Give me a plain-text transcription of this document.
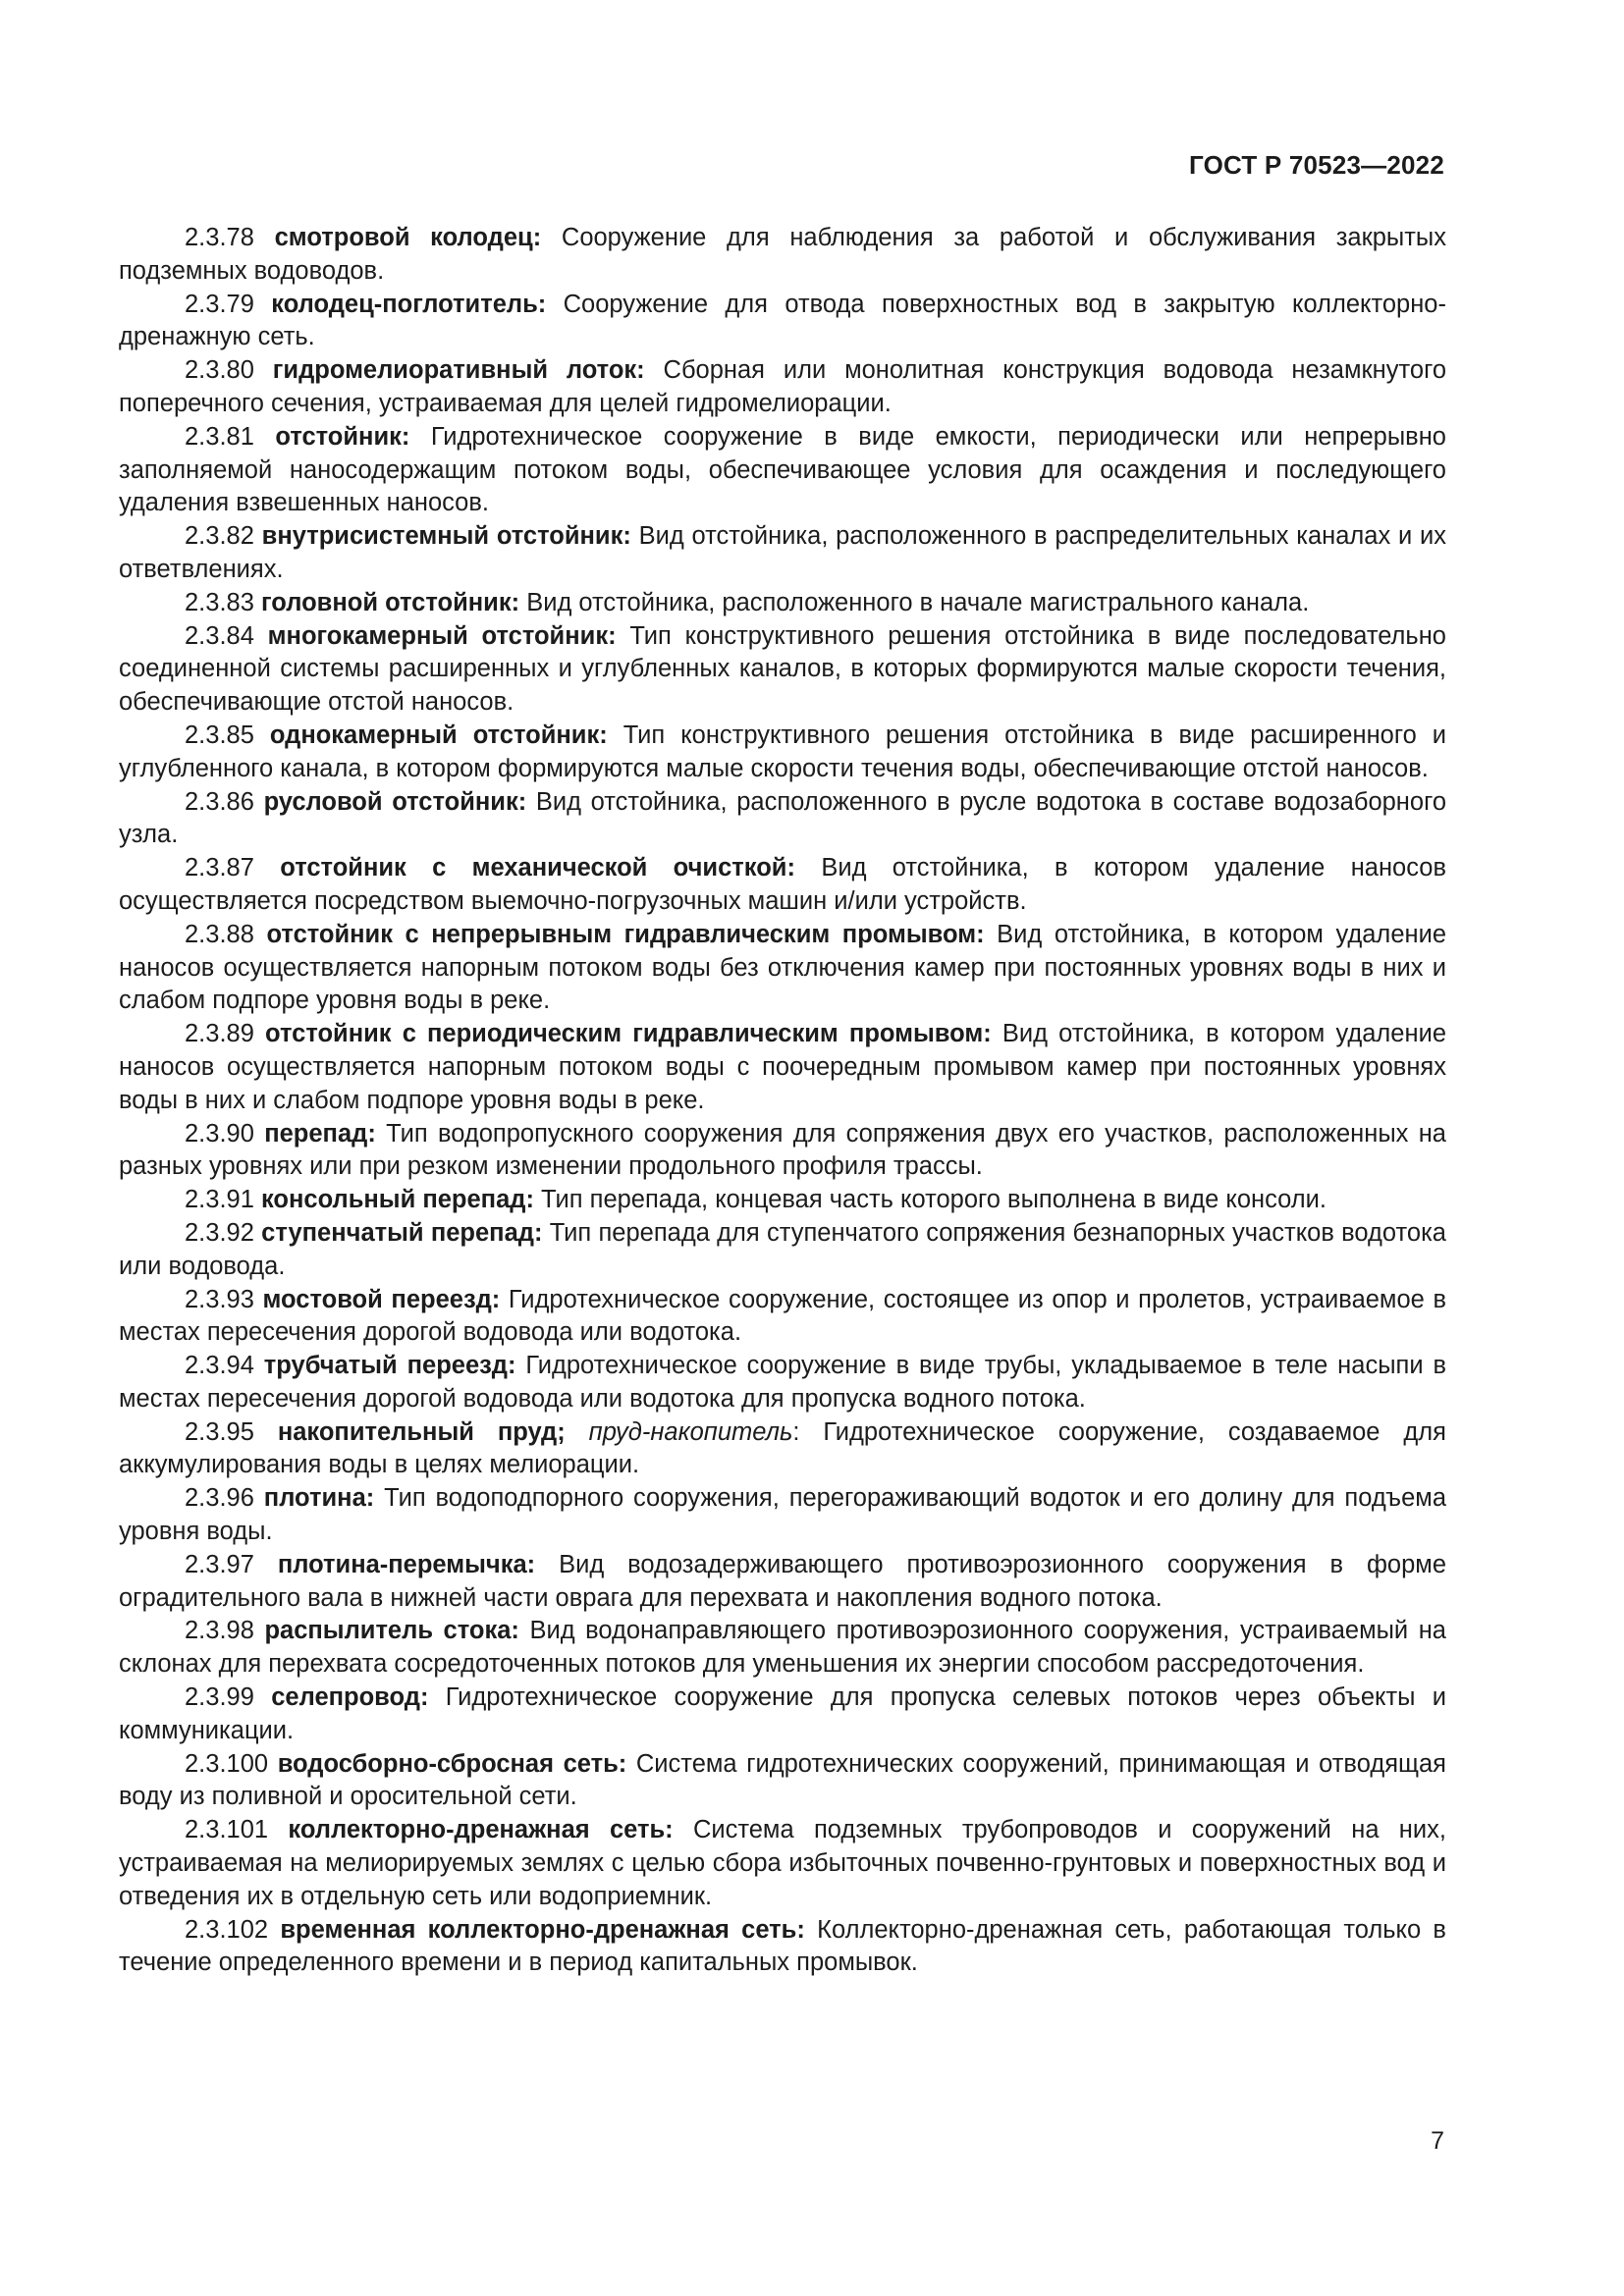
ГОСТ Р 70523—2022

2.3.78 смотровой колодец: Сооружение для наблюдения за работой и обслуживания закрытых подземных водоводов.

2.3.79 колодец-поглотитель: Сооружение для отвода поверхностных вод в закрытую коллекторно-дренажную сеть.

2.3.80 гидромелиоративный лоток: Сборная или монолитная конструкция водовода незамкнутого поперечного сечения, устраиваемая для целей гидромелиорации.

2.3.81 отстойник: Гидротехническое сооружение в виде емкости, периодически или непрерывно заполняемой наносодержащим потоком воды, обеспечивающее условия для осаждения и последующего удаления взвешенных наносов.

2.3.82 внутрисистемный отстойник: Вид отстойника, расположенного в распределительных каналах и их ответвлениях.

2.3.83 головной отстойник: Вид отстойника, расположенного в начале магистрального канала.

2.3.84 многокамерный отстойник: Тип конструктивного решения отстойника в виде последовательно соединенной системы расширенных и углубленных каналов, в которых формируются малые скорости течения, обеспечивающие отстой наносов.

2.3.85 однокамерный отстойник: Тип конструктивного решения отстойника в виде расширенного и углубленного канала, в котором формируются малые скорости течения воды, обеспечивающие отстой наносов.

2.3.86 русловой отстойник: Вид отстойника, расположенного в русле водотока в составе водозаборного узла.

2.3.87 отстойник с механической очисткой: Вид отстойника, в котором удаление наносов осуществляется посредством выемочно-погрузочных машин и/или устройств.

2.3.88 отстойник с непрерывным гидравлическим промывом: Вид отстойника, в котором удаление наносов осуществляется напорным потоком воды без отключения камер при постоянных уровнях воды в них и слабом подпоре уровня воды в реке.

2.3.89 отстойник с периодическим гидравлическим промывом: Вид отстойника, в котором удаление наносов осуществляется напорным потоком воды с поочередным промывом камер при постоянных уровнях воды в них и слабом подпоре уровня воды в реке.

2.3.90 перепад: Тип водопропускного сооружения для сопряжения двух его участков, расположенных на разных уровнях или при резком изменении продольного профиля трассы.

2.3.91 консольный перепад: Тип перепада, концевая часть которого выполнена в виде консоли.

2.3.92 ступенчатый перепад: Тип перепада для ступенчатого сопряжения безнапорных участков водотока или водовода.

2.3.93 мостовой переезд: Гидротехническое сооружение, состоящее из опор и пролетов, устраиваемое в местах пересечения дорогой водовода или водотока.

2.3.94 трубчатый переезд: Гидротехническое сооружение в виде трубы, укладываемое в теле насыпи в местах пересечения дорогой водовода или водотока для пропуска водного потока.

2.3.95 накопительный пруд; пруд-накопитель: Гидротехническое сооружение, создаваемое для аккумулирования воды в целях мелиорации.

2.3.96 плотина: Тип водоподпорного сооружения, перегораживающий водоток и его долину для подъема уровня воды.

2.3.97 плотина-перемычка: Вид водозадерживающего противоэрозионного сооружения в форме оградительного вала в нижней части оврага для перехвата и накопления водного потока.

2.3.98 распылитель стока: Вид водонаправляющего противоэрозионного сооружения, устраиваемый на склонах для перехвата сосредоточенных потоков для уменьшения их энергии способом рассредоточения.

2.3.99 селепровод: Гидротехническое сооружение для пропуска селевых потоков через объекты и коммуникации.

2.3.100 водосборно-сбросная сеть: Система гидротехнических сооружений, принимающая и отводящая воду из поливной и оросительной сети.

2.3.101 коллекторно-дренажная сеть: Система подземных трубопроводов и сооружений на них, устраиваемая на мелиорируемых землях с целью сбора избыточных почвенно-грунтовых и поверхностных вод и отведения их в отдельную сеть или водоприемник.

2.3.102 временная коллекторно-дренажная сеть: Коллекторно-дренажная сеть, работающая только в течение определенного времени и в период капитальных промывок.

7
